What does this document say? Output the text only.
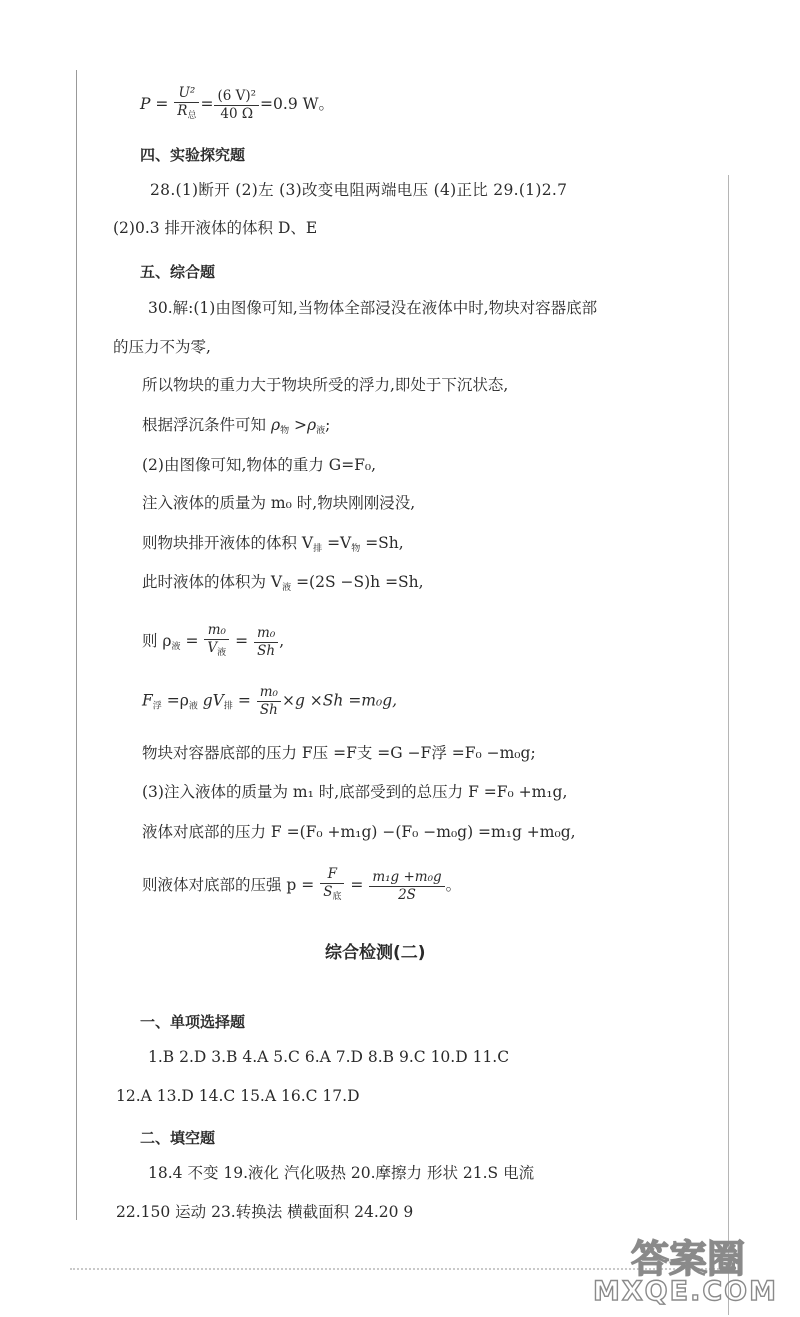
$P = \frac{\text{U²}}{R_总} = \frac{\text{(6 V)²}}{40 \Omega} =0.9$ W。
四、实验探究题
28.(1)断开 (2)左 (3)改变电阻两端电压 (4)正比 29.(1)2.7
(2)0.3 排开液体的体积 D、E
五、综合题
30.解:(1)由图像可知,当物体全部浸没在液体中时,物块对容器底部
的压力不为零,
所以物块的重力大于物块所受的浮力,即处于下沉状态,
根据浮沉条件可知 $\rho_物 >\rho_液$;
(2)由图像可知,物体的重力 G=F₀,
注入液体的质量为 m₀ 时,物块刚刚浸没,
则物块排开液体的体积 $V_排 =V_物 =Sh$,
此时液体的体积为 $V_液 =(2S -S)h =Sh$,
则 $\rho_液 = \frac{\text{m₀}}{V_液} = \frac{\text{m₀}}{Sh}$ ,
$F_浮 =\rho_液$ $gV_排 = \frac{\text{m₀}}{Sh} \times g \times Sh =m_0g$,
物块对容器底部的压力 F压 =F支 =G −F浮 =F₀ −m₀g;
(3)注入液体的质量为 m₁ 时,底部受到的总压力 F =F₀ +m₁g,
液体对底部的压力 F =(F₀ +m₁g) −(F₀ −m₀g) =m₁g +m₀g,
则液体对底部的压强 $p = \frac{F}{S_底} = \frac{\text{m₁g +m₀g}}{2S}$ 。
综合检测(二)
一、单项选择题
1.B 2.D 3.B 4.A 5.C 6.A 7.D 8.B 9.C 10.D 11.C
12.A 13.D 14.C 15.A 16.C 17.D
二、填空题
18.4 不变 19.液化 汽化吸热 20.摩擦力 形状 21.S 电流
22.150 运动 23.转换法 横截面积 24.20 9
答案圈
MXQE.COM
